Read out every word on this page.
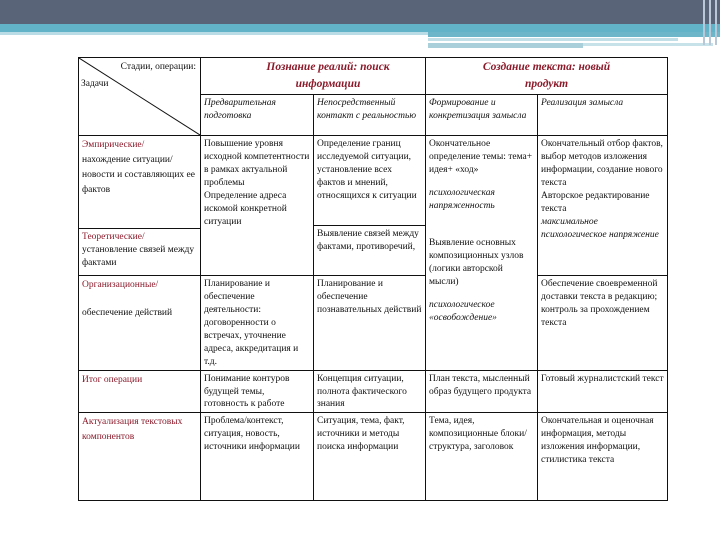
Стадии, операции:
Задачи
Познание реалий: поиск информации
Создание текста: новый продукт
Предварительная подготовка
Непосредственный контакт с реальностью
Формирование и конкретизация замысла
Реализация замысла

Эмпирические/

нахождение ситуации/новости и составляющих ее фактов

Теоретические/

установление связей между фактами

Организационные/

обеспечение действий

Итог операции

Актуализация текстовых компонентов

Повышение уровня исходной компетентности в рамках актуальной проблемы

Определение адреса искомой конкретной ситуации

Планирование и обеспечение деятельности: договоренности о встречах, уточнение адреса, аккредитация и т.д.
Понимание контуров будущей темы, готовность к работе
Проблема/контекст, ситуация, новость, источники информации
Определение границ исследуемой ситуации, установление всех фактов и мнений, относящихся к ситуации
Выявление связей между фактами, противоречий,
Планирование и обеспечение познавательных действий
Концепция ситуации, полнота фактического знания
Ситуация, тема, факт, источники и методы поиска информации

Окончательное определение темы: тема+ идея+ «ход»

психологическая напряженность

Выявление основных композиционных узлов (логики авторской мысли)

психологическое «освобождение»

План текста, мысленный образ будущего продукта
Тема, идея, композиционные блоки/структура, заголовок

Окончательный отбор фактов, выбор методов изложения информации, создание нового текста

Авторское редактирование текста

максимальное психологическое напряжение

Обеспечение своевременной доставки текста в редакцию; контроль за прохождением текста
Готовый журналистский текст
Окончательная и оценочная информация, методы изложения информации, стилистика текста
